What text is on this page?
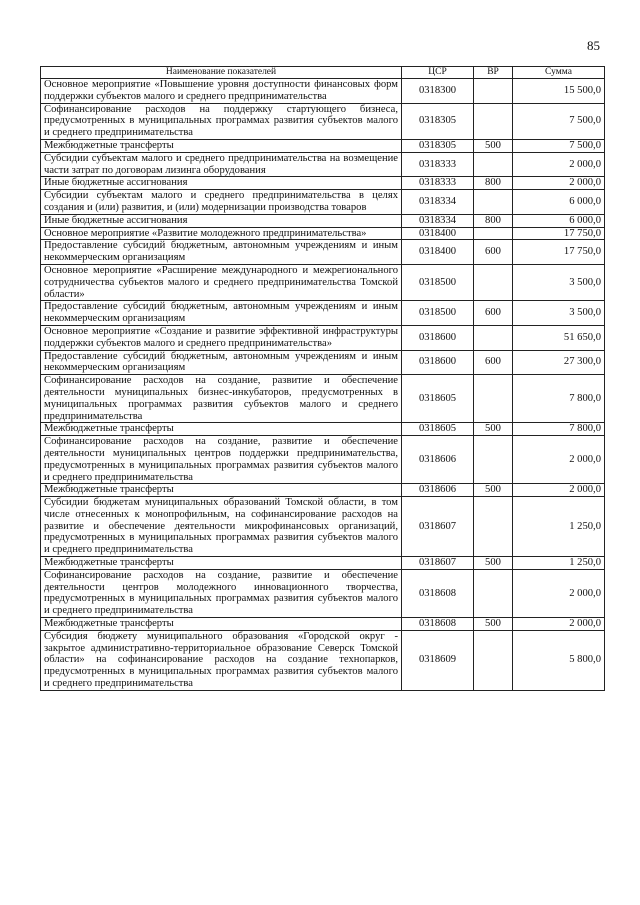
85
Наименование показателей	ЦСР	ВР	Сумма
Основное мероприятие «Повышение уровня доступности финансовых форм поддержки субъектов малого и среднего предпринимательства	0318300		15 500,0
Софинансирование расходов на поддержку стартующего бизнеса, предусмотренных в муниципальных программах развития субъектов малого и среднего предпринимательства	0318305		7 500,0
Межбюджетные трансферты	0318305	500	7 500,0
Субсидии субъектам малого и среднего предпринимательства на возмещение части затрат по договорам лизинга оборудования	0318333		2 000,0
Иные бюджетные ассигнования	0318333	800	2 000,0
Субсидии субъектам малого и среднего предпринимательства в целях создания и (или) развития, и (или) модернизации производства товаров	0318334		6 000,0
Иные бюджетные ассигнования	0318334	800	6 000,0
Основное мероприятие «Развитие молодежного предпринимательства»	0318400		17 750,0
Предоставление субсидий бюджетным, автономным учреждениям и иным некоммерческим организациям	0318400	600	17 750,0
Основное мероприятие «Расширение международного и межрегионального сотрудничества субъектов малого и среднего предпринимательства Томской области»	0318500		3 500,0
Предоставление субсидий бюджетным, автономным учреждениям и иным некоммерческим организациям	0318500	600	3 500,0
Основное мероприятие «Создание и развитие эффективной инфраструктуры поддержки субъектов малого и среднего предпринимательства»	0318600		51 650,0
Предоставление субсидий бюджетным, автономным учреждениям и иным некоммерческим организациям	0318600	600	27 300,0
Софинансирование расходов на создание, развитие и обеспечение деятельности муниципальных бизнес-инкубаторов, предусмотренных в муниципальных программах развития субъектов малого и среднего предпринимательства	0318605		7 800,0
Межбюджетные трансферты	0318605	500	7 800,0
Софинансирование расходов на создание, развитие и обеспечение деятельности муниципальных центров поддержки предпринимательства, предусмотренных в муниципальных программах развития субъектов малого и среднего предпринимательства	0318606		2 000,0
Межбюджетные трансферты	0318606	500	2 000,0
Субсидии бюджетам муниципальных образований Томской области, в том числе отнесенных к монопрофильным, на софинансирование расходов на развитие и обеспечение деятельности микрофинансовых организаций, предусмотренных в муниципальных программах развития субъектов малого и среднего предпринимательства	0318607		1 250,0
Межбюджетные трансферты	0318607	500	1 250,0
Софинансирование расходов на создание, развитие и обеспечение деятельности центров молодежного инновационного творчества, предусмотренных в муниципальных программах развития субъектов малого и среднего предпринимательства	0318608		2 000,0
Межбюджетные трансферты	0318608	500	2 000,0
Субсидия бюджету муниципального образования «Городской округ - закрытое административно-территориальное образование Северск Томской области» на софинансирование расходов на создание технопарков, предусмотренных в муниципальных программах развития субъектов малого и среднего предпринимательства	0318609		5 800,0
